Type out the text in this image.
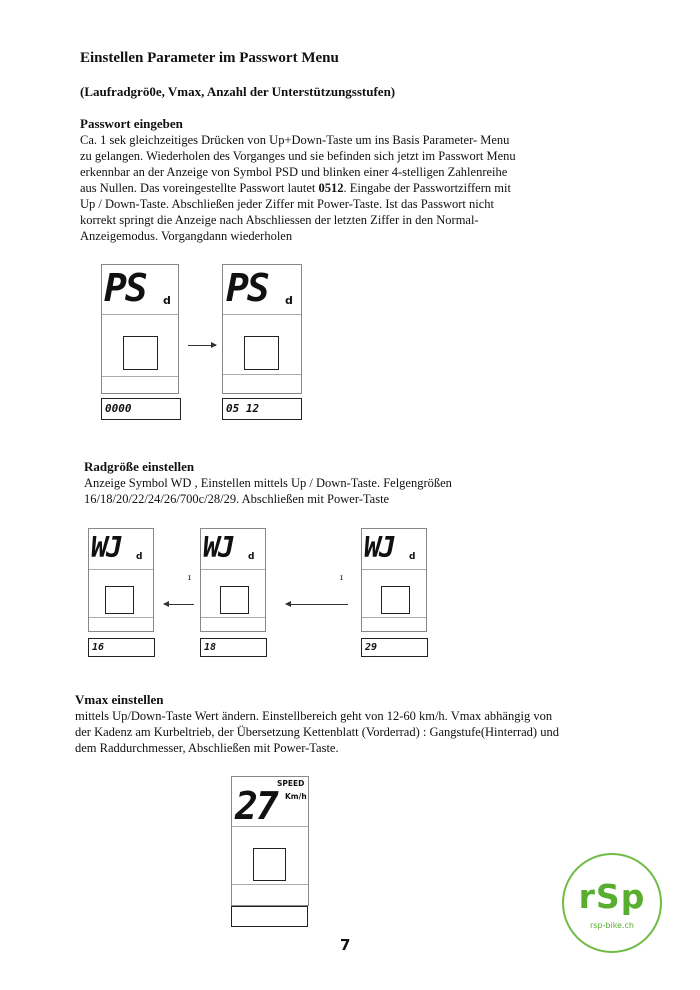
Einstellen Parameter im Passwort Menu
(Laufradgrö0e, Vmax, Anzahl der Unterstützungsstufen)
Passwort eingeben
Ca. 1 sek gleichzeitiges Drücken von Up+Down-Taste um ins Basis Parameter- Menu
zu gelangen. Wiederholen des Vorganges und sie befinden sich jetzt im Passwort Menu
erkennbar an der Anzeige von Symbol PSD und blinken einer 4-stelligen Zahlenreihe
aus Nullen. Das voreingestellte Passwort lautet 0512. Eingabe der Passwortziffern mit
Up / Down-Taste. Abschließen jeder Ziffer mit Power-Taste. Ist das Passwort nicht
korrekt springt die Anzeige nach Abschliessen der letzten Ziffer in den Normal-
Anzeigemodus. Vorgangdann wiederholen
PS d
0000
PS d
05 12
Radgröße einstellen
Anzeige Symbol WD , Einstellen mittels Up / Down-Taste. Felgengrößen
16/18/20/22/24/26/700c/28/29. Abschließen mit Power-Taste
WJ d
16
ɪ
WJ d
18
ɪ
WJ d
29
Vmax einstellen
mittels Up/Down-Taste Wert ändern. Einstellbereich geht von 12-60 km/h. Vmax abhängig von
der Kadenz am Kurbeltrieb, der Übersetzung Kettenblatt (Vorderrad) : Gangstufe(Hinterrad) und
dem Raddurchmesser, Abschließen mit Power-Taste.
SPEED
27 Km/h
rSp
rsp-bike.ch
7
